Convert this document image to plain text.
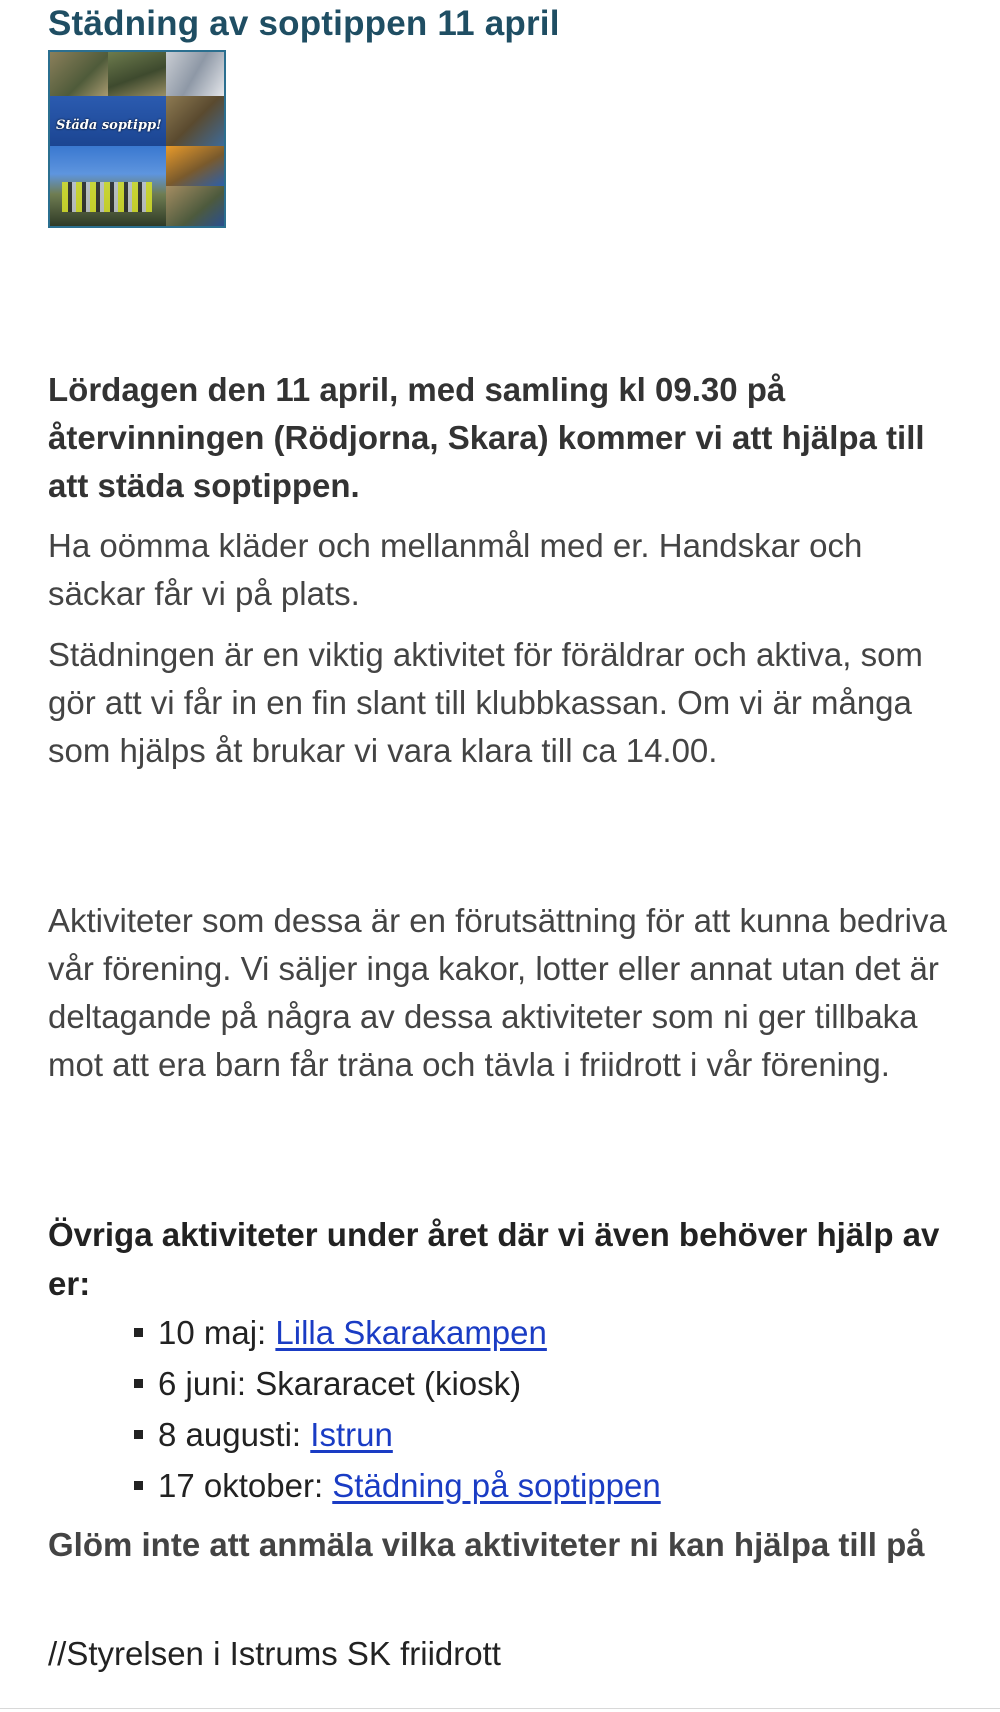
Städning av soptippen 11 april
Städa soptipp!

Lördagen den 11 april, med samling kl 09.30 på återvinningen (Rödjorna, Skara) kommer vi att hjälpa till att städa soptippen.

Ha oömma kläder och mellanmål med er. Handskar och säckar får vi på plats.

Städningen är en viktig aktivitet för föräldrar och aktiva, som gör att vi får in en fin slant till klubbkassan. Om vi är många som hjälps åt brukar vi vara klara till ca 14.00.

Aktiviteter som dessa är en förutsättning för att kunna bedriva vår förening. Vi säljer inga kakor, lotter eller annat utan det är deltagande på några av dessa aktiviteter som ni ger tillbaka mot att era barn får träna och tävla i friidrott i vår förening.

Övriga aktiviteter under året där vi även behöver hjälp av er:

10 maj: Lilla Skarakampen
6 juni: Skararacet (kiosk)
8 augusti: Istrun
17 oktober: Städning på soptippen

Glöm inte att anmäla vilka aktiviteter ni kan hjälpa till på

//Styrelsen i Istrums SK friidrott
